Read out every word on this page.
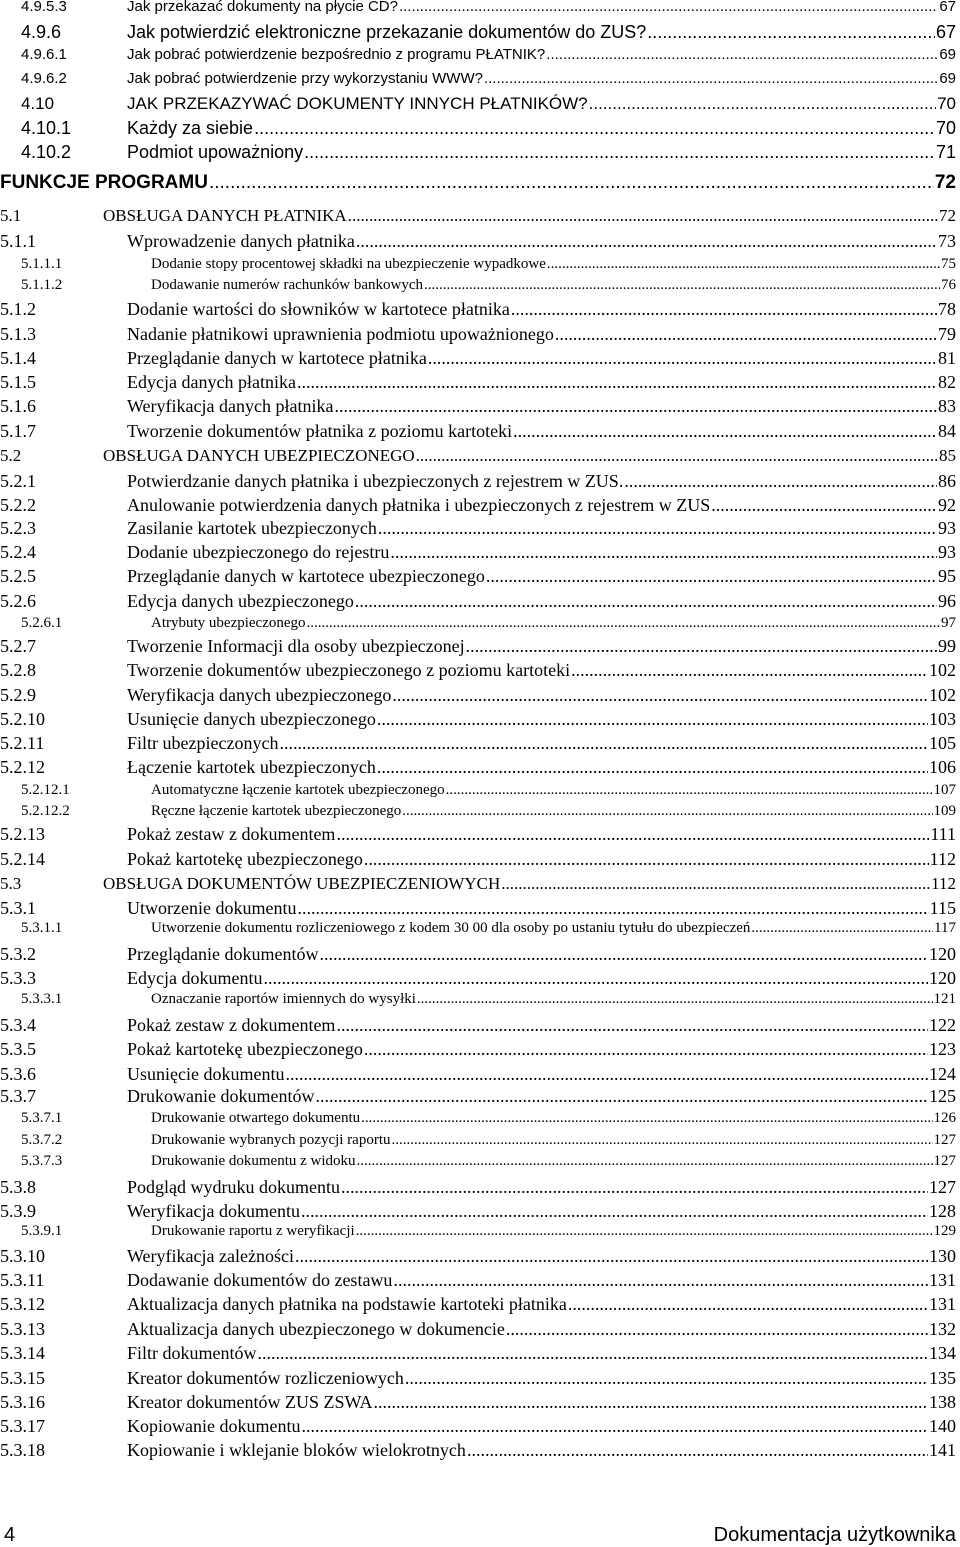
4.9.5.3	Jak przekazać dokumenty na płycie CD? .....	67
4.9.6	Jak potwierdzić elektroniczne przekazanie dokumentów do ZUS? .....	67
4.9.6.1	Jak pobrać potwierdzenie bezpośrednio z programu PŁATNIK? .....	69
4.9.6.2	Jak pobrać potwierdzenie przy wykorzystaniu WWW? .....	69
4.10	JAK PRZEKAZYWAĆ DOKUMENTY INNYCH PŁATNIKÓW? .....	70
4.10.1	Każdy za siebie .....	70
4.10.2	Podmiot upoważniony .....	71
FUNKCJE PROGRAMU .....	72
5.1	OBSŁUGA DANYCH PŁATNIKA .....	72
5.1.1	Wprowadzenie danych płatnika .....	73
5.1.1.1	Dodanie stopy procentowej składki na ubezpieczenie wypadkowe .....	75
5.1.1.2	Dodawanie numerów rachunków bankowych .....	76
5.1.2	Dodanie wartości do słowników w kartotece płatnika .....	78
5.1.3	Nadanie płatnikowi uprawnienia podmiotu upoważnionego .....	79
5.1.4	Przeglądanie danych w kartotece płatnika .....	81
5.1.5	Edycja danych płatnika .....	82
5.1.6	Weryfikacja danych płatnika .....	83
5.1.7	Tworzenie dokumentów płatnika z poziomu kartoteki .....	84
5.2	OBSŁUGA DANYCH UBEZPIECZONEGO .....	85
5.2.1	Potwierdzanie danych płatnika i ubezpieczonych z rejestrem w ZUS. .....	86
5.2.2	Anulowanie potwierdzenia danych płatnika i ubezpieczonych z rejestrem w ZUS .....	92
5.2.3	Zasilanie kartotek ubezpieczonych .....	93
5.2.4	Dodanie ubezpieczonego do rejestru .....	93
5.2.5	Przeglądanie danych w kartotece ubezpieczonego .....	95
5.2.6	Edycja danych ubezpieczonego .....	96
5.2.6.1	Atrybuty ubezpieczonego .....	97
5.2.7	Tworzenie Informacji dla osoby ubezpieczonej .....	99
5.2.8	Tworzenie dokumentów ubezpieczonego z poziomu kartoteki .....	102
5.2.9	Weryfikacja danych ubezpieczonego .....	102
5.2.10	Usunięcie danych ubezpieczonego .....	103
5.2.11	Filtr ubezpieczonych .....	105
5.2.12	Łączenie kartotek ubezpieczonych .....	106
5.2.12.1	Automatyczne łączenie kartotek ubezpieczonego .....	107
5.2.12.2	Ręczne łączenie kartotek ubezpieczonego .....	109
5.2.13	Pokaż zestaw z dokumentem .....	111
5.2.14	Pokaż kartotekę ubezpieczonego .....	112
5.3	OBSŁUGA DOKUMENTÓW UBEZPIECZENIOWYCH .....	112
5.3.1	Utworzenie dokumentu .....	115
5.3.1.1	Utworzenie dokumentu rozliczeniowego z kodem 30 00 dla osoby po ustaniu tytułu do ubezpieczeń .....	117
5.3.2	Przeglądanie dokumentów .....	120
5.3.3	Edycja dokumentu .....	120
5.3.3.1	Oznaczanie raportów imiennych do wysyłki .....	121
5.3.4	Pokaż zestaw z dokumentem .....	122
5.3.5	Pokaż kartotekę ubezpieczonego .....	123
5.3.6	Usunięcie dokumentu .....	124
5.3.7	Drukowanie dokumentów .....	125
5.3.7.1	Drukowanie otwartego dokumentu .....	126
5.3.7.2	Drukowanie wybranych pozycji raportu .....	127
5.3.7.3	Drukowanie dokumentu z widoku .....	127
5.3.8	Podgląd wydruku dokumentu .....	127
5.3.9	Weryfikacja dokumentu .....	128
5.3.9.1	Drukowanie raportu z weryfikacji .....	129
5.3.10	Weryfikacja zależności .....	130
5.3.11	Dodawanie dokumentów do zestawu .....	131
5.3.12	Aktualizacja danych płatnika na podstawie kartoteki płatnika .....	131
5.3.13	Aktualizacja danych ubezpieczonego w dokumencie .....	132
5.3.14	Filtr dokumentów .....	134
5.3.15	Kreator dokumentów rozliczeniowych .....	135
5.3.16	Kreator dokumentów ZUS ZSWA .....	138
5.3.17	Kopiowanie dokumentu .....	140
5.3.18	Kopiowanie i wklejanie bloków wielokrotnych .....	141
4	Dokumentacja użytkownika
